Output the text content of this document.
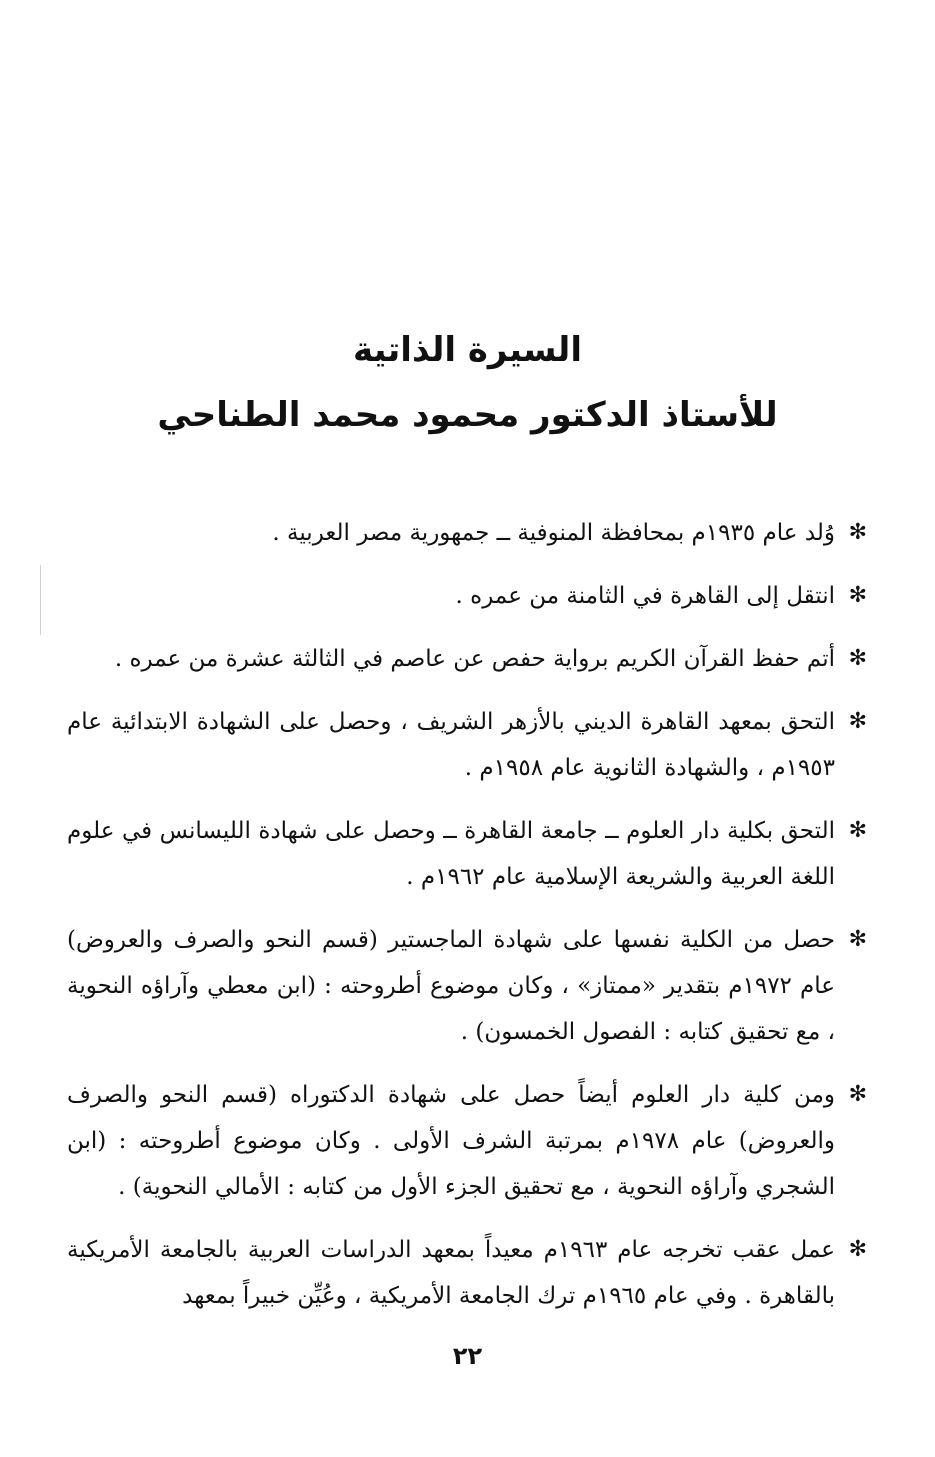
السيرة الذاتية
للأستاذ الدكتور محمود محمد الطناحي
✻
وُلد عام ١٩٣٥م بمحافظة المنوفية ــ جمهورية مصر العربية .
✻
انتقل إلى القاهرة في الثامنة من عمره .
✻
أتم حفظ القرآن الكريم برواية حفص عن عاصم في الثالثة عشرة من عمره .
✻
التحق بمعهد القاهرة الديني بالأزهر الشريف ، وحصل على الشهادة الابتدائية عام ١٩٥٣م ، والشهادة الثانوية عام ١٩٥٨م .
✻
التحق بكلية دار العلوم ــ جامعة القاهرة ــ وحصل على شهادة الليسانس في علوم اللغة العربية والشريعة الإسلامية عام ١٩٦٢م .
✻
حصل من الكلية نفسها على شهادة الماجستير (قسم النحو والصرف والعروض) عام ١٩٧٢م بتقدير «ممتاز» ، وكان موضوع أطروحته : (ابن معطي وآراؤه النحوية ، مع تحقيق كتابه : الفصول الخمسون) .
✻
ومن كلية دار العلوم أيضاً حصل على شهادة الدكتوراه (قسم النحو والصرف والعروض) عام ١٩٧٨م بمرتبة الشرف الأولى . وكان موضوع أطروحته : (ابن الشجري وآراؤه النحوية ، مع تحقيق الجزء الأول من كتابه : الأمالي النحوية) .
✻
عمل عقب تخرجه عام ١٩٦٣م معيداً بمعهد الدراسات العربية بالجامعة الأمريكية بالقاهرة . وفي عام ١٩٦٥م ترك الجامعة الأمريكية ، وعُيِّن خبيراً بمعهد
٢٢
